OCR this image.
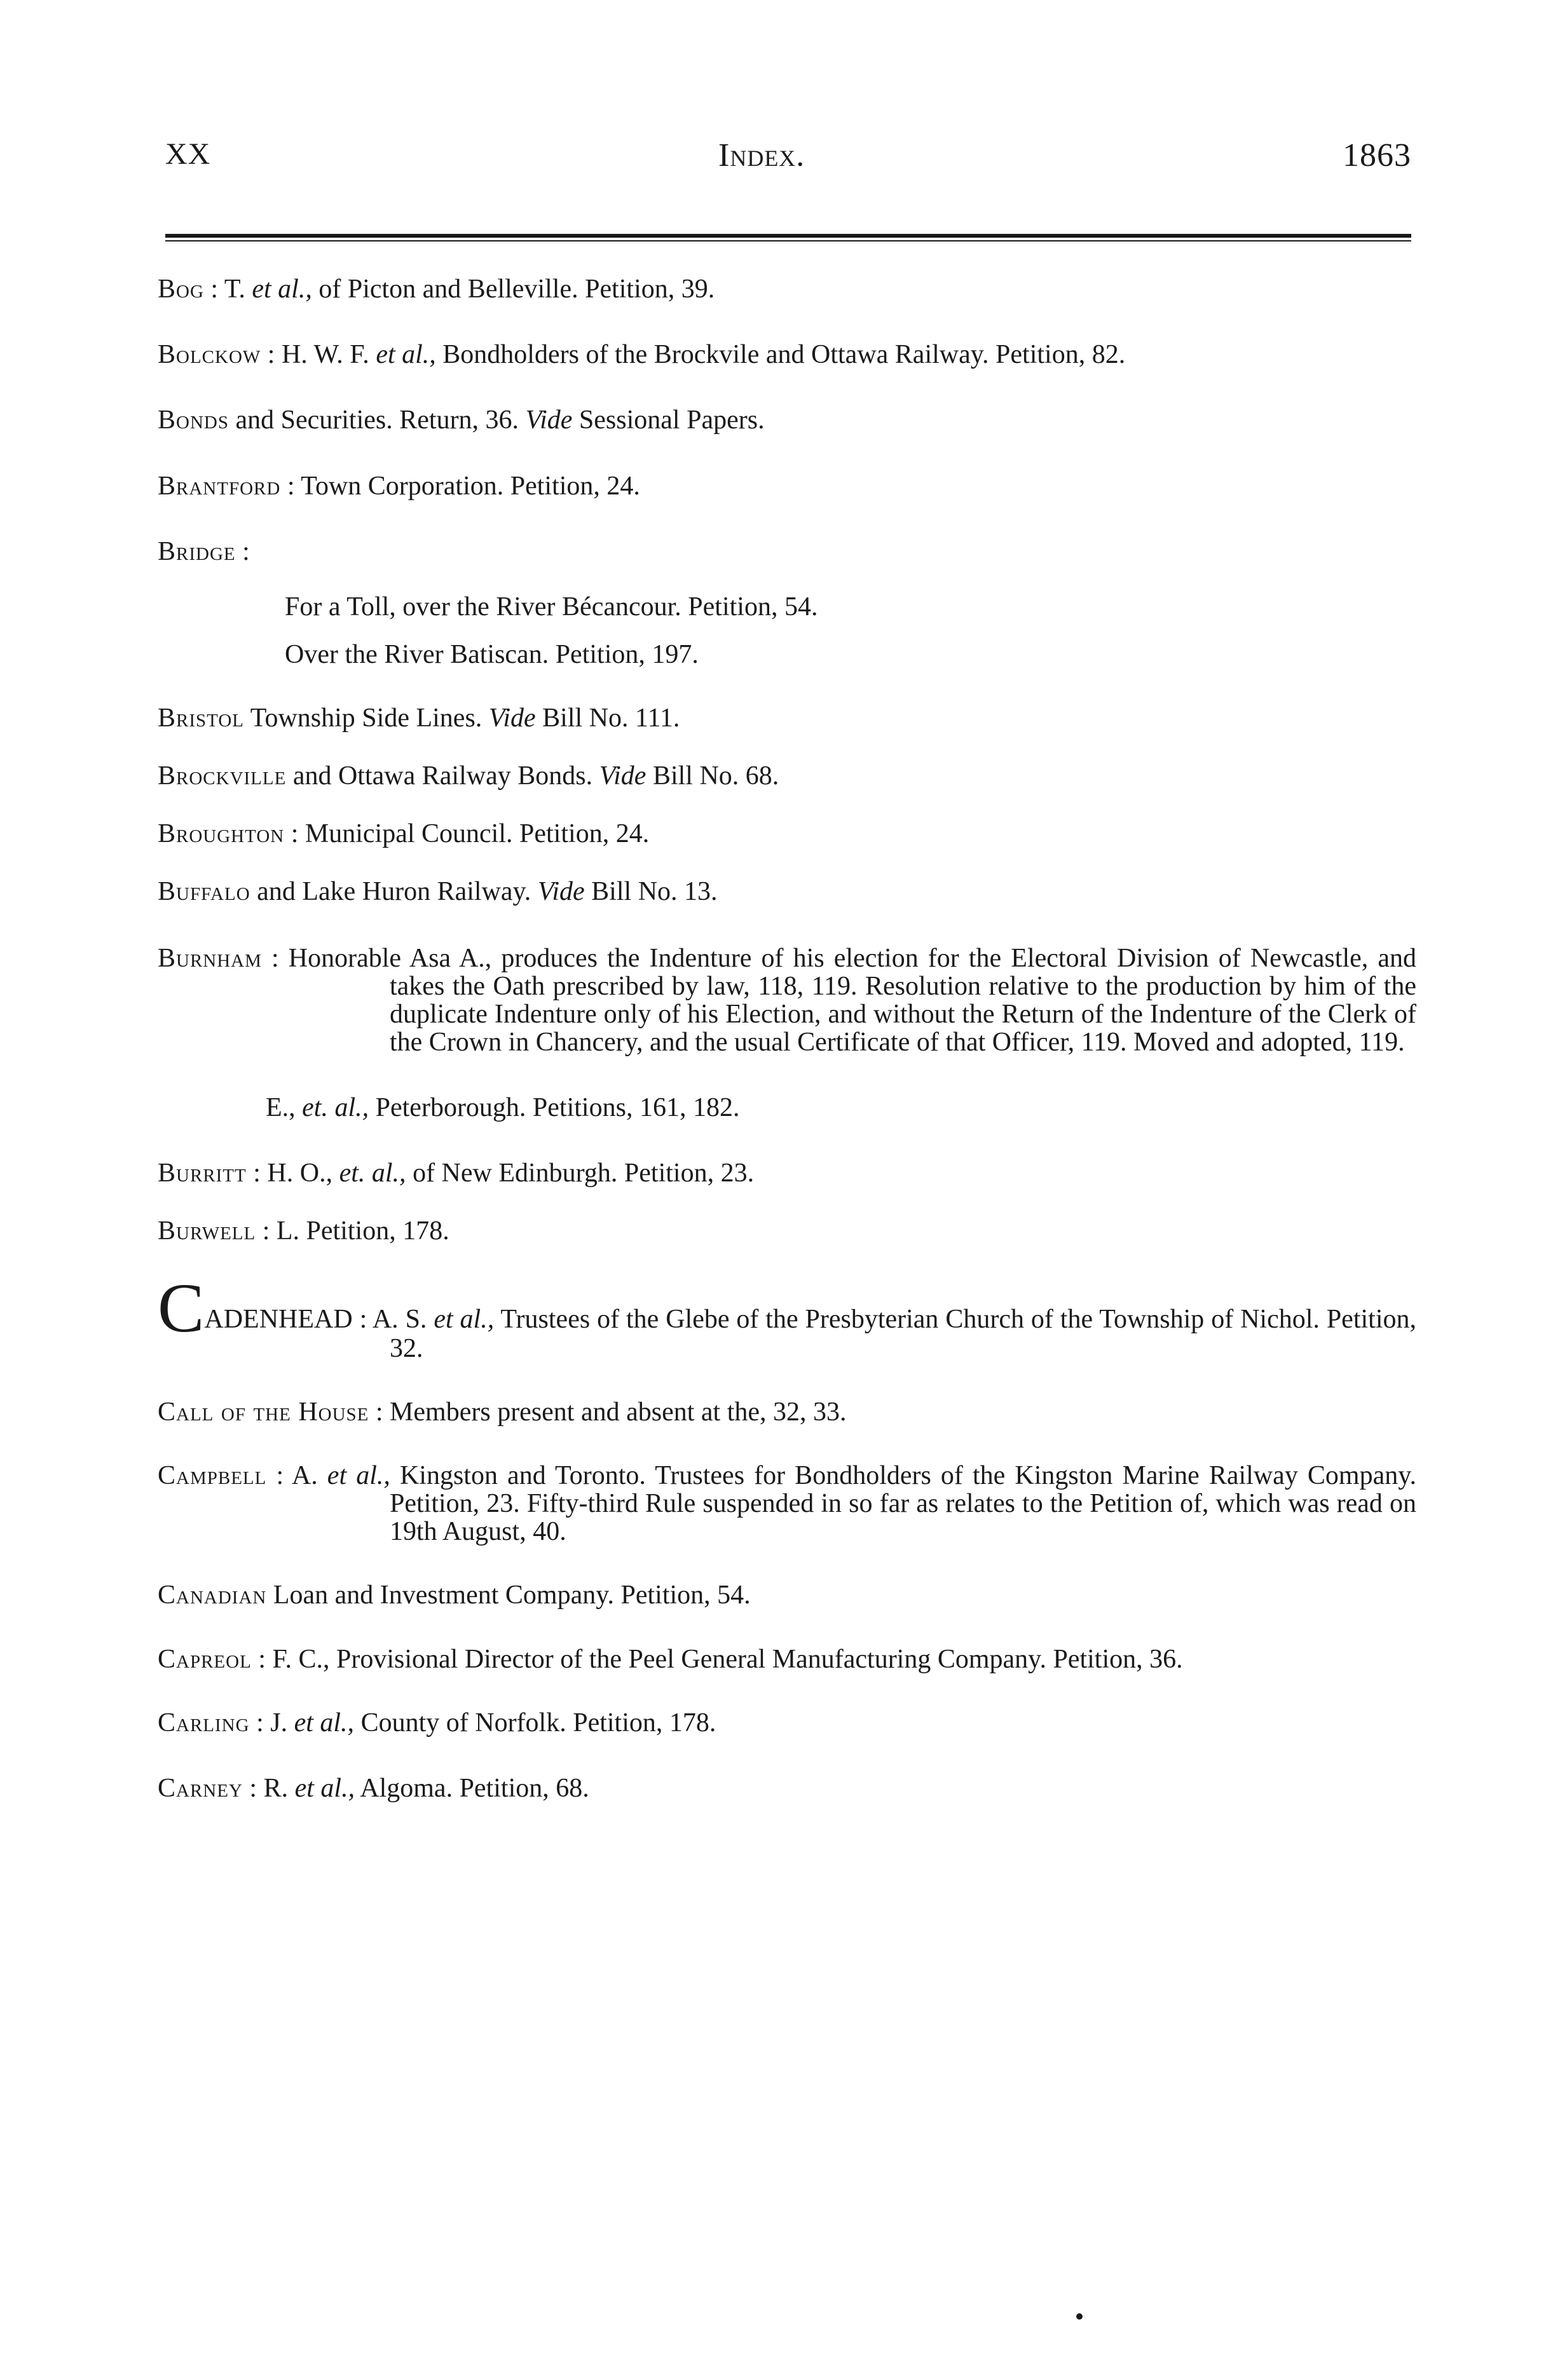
XX	Index.	1863
Bog : T. et al., of Picton and Belleville. Petition, 39.
Bolckow : H. W. F. et al., Bondholders of the Brockvile and Ottawa Railway. Petition, 82.
Bonds and Securities. Return, 36. Vide Sessional Papers.
Brantford : Town Corporation. Petition, 24.
Bridge :
For a Toll, over the River Bécancour. Petition, 54.
Over the River Batiscan. Petition, 197.
Bristol Township Side Lines. Vide Bill No. 111.
Brockville and Ottawa Railway Bonds. Vide Bill No. 68.
Broughton : Municipal Council. Petition, 24.
Buffalo and Lake Huron Railway. Vide Bill No. 13.
Burnham : Honorable Asa A., produces the Indenture of his election for the Electoral Division of Newcastle, and takes the Oath prescribed by law, 118, 119. Resolution relative to the production by him of the duplicate Indenture only of his Election, and without the Return of the Indenture of the Clerk of the Crown in Chancery, and the usual Certificate of that Officer, 119. Moved and adopted, 119.
E., et. al., Peterborough. Petitions, 161, 182.
Burritt : H. O., et. al., of New Edinburgh. Petition, 23.
Burwell : L. Petition, 178.
CADENHEAD : A. S. et al., Trustees of the Glebe of the Presbyterian Church of the Township of Nichol. Petition, 32.
Call of the House : Members present and absent at the, 32, 33.
Campbell : A. et al., Kingston and Toronto. Trustees for Bondholders of the Kingston Marine Railway Company. Petition, 23. Fifty-third Rule suspended in so far as relates to the Petition of, which was read on 19th August, 40.
Canadian Loan and Investment Company. Petition, 54.
Capreol : F. C., Provisional Director of the Peel General Manufacturing Company. Petition, 36.
Carling : J. et al., County of Norfolk. Petition, 178.
Carney : R. et al., Algoma. Petition, 68.
